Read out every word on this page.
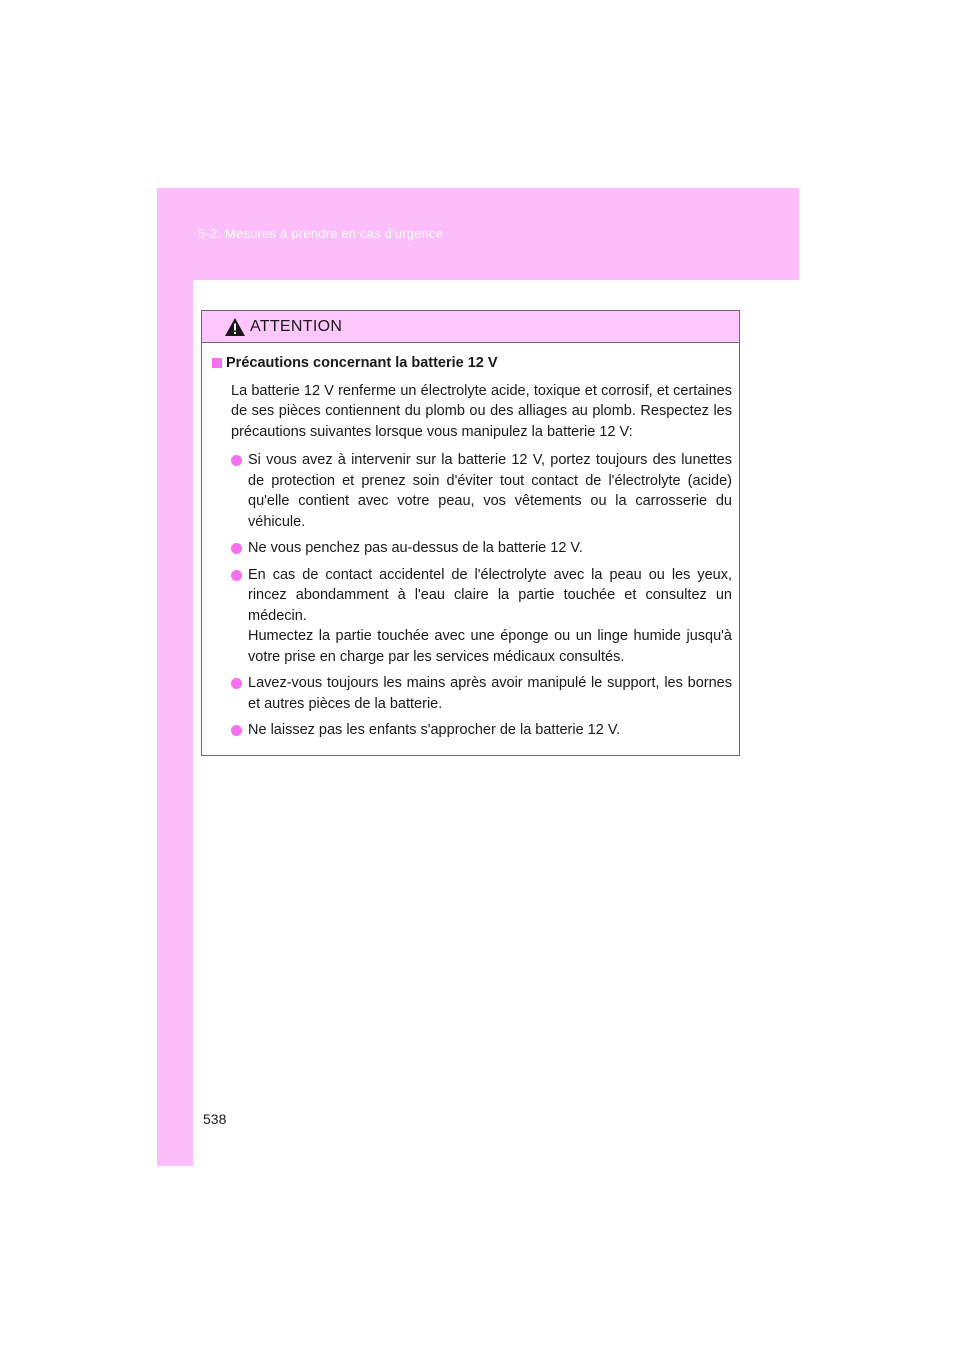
5-2. Mesures à prendre en cas d'urgence
ATTENTION
Précautions concernant la batterie 12 V
La batterie 12 V renferme un électrolyte acide, toxique et corrosif, et certaines de ses pièces contiennent du plomb ou des alliages au plomb. Respectez les précautions suivantes lorsque vous manipulez la batterie 12 V:
Si vous avez à intervenir sur la batterie 12 V, portez toujours des lunettes de protection et prenez soin d'éviter tout contact de l'électrolyte (acide) qu'elle contient avec votre peau, vos vêtements ou la carrosserie du véhicule.
Ne vous penchez pas au-dessus de la batterie 12 V.

En cas de contact accidentel de l'électrolyte avec la peau ou les yeux, rincez abondamment à l'eau claire la partie touchée et consultez un médecin.

Humectez la partie touchée avec une éponge ou un linge humide jusqu'à votre prise en charge par les services médicaux consultés.

Lavez-vous toujours les mains après avoir manipulé le support, les bornes et autres pièces de la batterie.
Ne laissez pas les enfants s'approcher de la batterie 12 V.
538
